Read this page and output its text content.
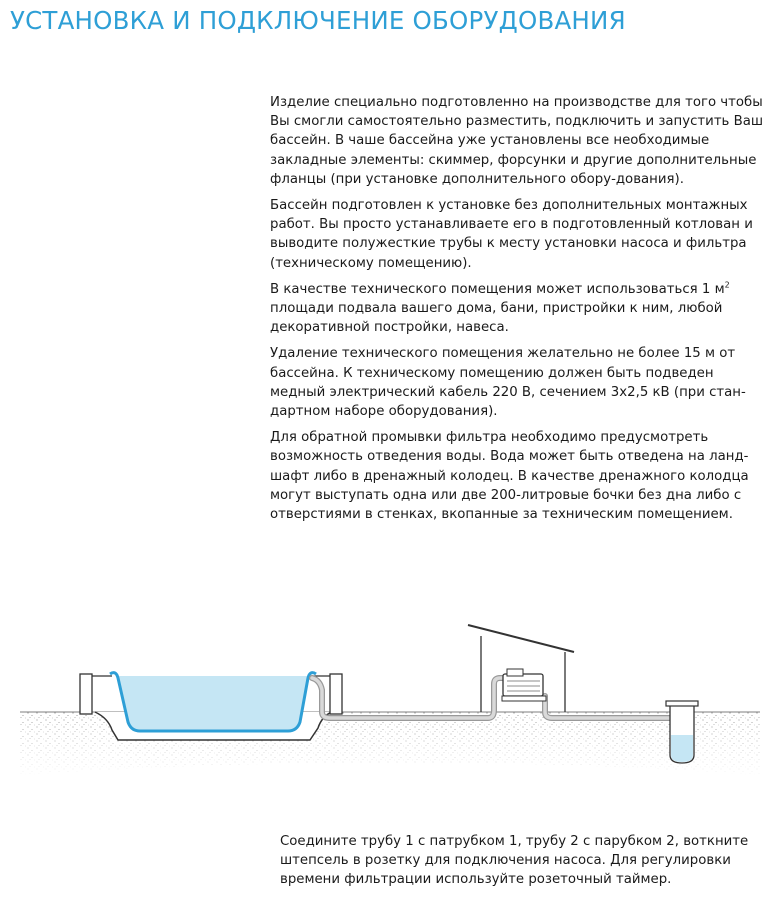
УСТАНОВКА И ПОДКЛЮЧЕНИЕ ОБОРУДОВАНИЯ

Изделие специально подготовленно на производстве для того чтобы Вы смогли самостоятельно разместить, подключить и запустить Ваш бассейн. В чаше бассейна уже установлены все необходимые закладные элементы: скиммер, форсунки и другие дополнительные фланцы (при установке дополнительного обору-дования).

Бассейн подготовлен к установке без дополнительных монтажных работ. Вы просто устанавливаете его в подготовленный котлован и выводите полужесткие трубы к месту установки насоса и фильтра (техническому помещению).

В качестве технического помещения может использоваться 1 $м^2$ площади подвала вашего дома, бани, пристройки к ним, любой декоративной постройки, навеса.

Удаление технического помещения желательно не более 15 м от бассейна. К техническому помещению должен быть подведен медный электрический кабель 220 В, сечением 3х2,5 кВ (при стан-дартном наборе оборудования).

Для обратной промывки фильтра необходимо предусмотреть возможность отведения воды. Вода может быть отведена на ланд-шафт либо в дренажный колодец. В качестве дренажного колодца могут выступать одна или две 200-литровые бочки без дна либо с отверстиями в стенках, вкопанные за техническим помещением.

Соедините трубу 1 с патрубком 1, трубу 2 с парубком 2, воткните штепсель в розетку для подключения насоса. Для регулировки времени фильтрации используйте розеточный таймер.
